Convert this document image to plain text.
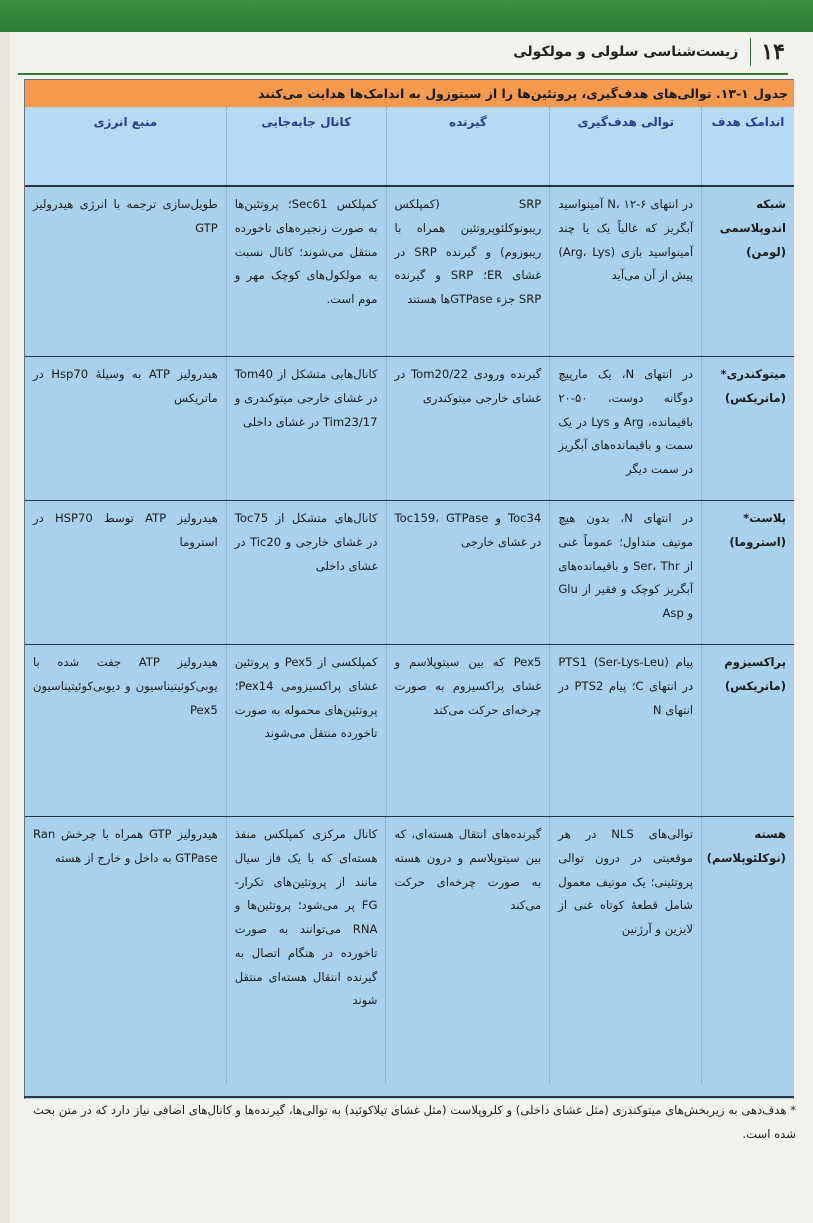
۱۴
زیست‌شناسی سلولی و مولکولی
جدول ۱-۱۳. توالی‌های هدف‌گیری، پروتئین‌ها را از سیتوزول به اندامک‌ها هدایت می‌کنند
اندامک هدف
توالی هدف‌گیری
گیرنده
کانال جابه‌جایی
منبع انرژی
شبکه اندوپلاسمی (لومن)
در انتهای N، ۱۲-۶ آمینواسید آبگریز که غالباً یک یا چند آمینواسید بازی (Arg، Lys) پیش از آن می‌آید
SRP (کمپلکس ریبونوکلئوپروتئین همراه با ریبوزوم) و گیرنده SRP در غشای ER؛ SRP و گیرنده SRP جزء GTPaseها هستند
کمپلکس Sec61؛ پروتئین‌ها به صورت زنجیره‌های تاخورده منتقل می‌شوند؛ کانال نسبت به مولکول‌های کوچک مهر و موم است.
طویل‌سازی ترجمه با انرژی هیدرولیز GTP
میتوکندری* (ماتریکس)
در انتهای N، یک مارپیچ دوگانه دوست، ۵۰-۲۰ باقیمانده، Arg و Lys در یک سمت و باقیمانده‌های آبگریز در سمت دیگر
گیرنده ورودی Tom20/22 در غشای خارجی میتوکندری
کانال‌هایی متشکل از Tom40 در غشای خارجی میتوکندری و Tim23/17 در غشای داخلی
هیدرولیز ATP به وسیلهٔ Hsp70 در ماتریکس
پلاست* (استروما)
در انتهای N، بدون هیچ موتیف متداول؛ عموماً غنی از Ser، Thr و باقیمانده‌های آبگریز کوچک و فقیر از Glu و Asp
Toc34 و Toc159، GTPase در غشای خارجی
کانال‌های متشکل از Toc75 در غشای خارجی و Tic20 در غشای داخلی
هیدرولیز ATP توسط HSP70 در استروما
پراکسیزوم (ماتریکس)
پیام PTS1 (Ser-Lys-Leu) در انتهای C؛ پیام PTS2 در انتهای N
Pex5 که بین سیتوپلاسم و غشای پراکسیزوم به صورت چرخه‌ای حرکت می‌کند
کمپلکسی از Pex5 و پروتئین غشای پراکسیزومی Pex14؛ پروتئین‌های محموله به صورت تاخورده منتقل می‌شوند
هیدرولیز ATP جفت شده با یوبی‌کوئیتیناسیون و دیوبی‌کوئیتیناسیون Pex5
هسته (نوکلئوپلاسم)
توالی‌های NLS در هر موقعیتی در درون توالی پروتئینی؛ یک موتیف معمول شامل قطعهٔ کوتاه غنی از لایزین و آرژنین
گیرنده‌های انتقال هسته‌ای، که بین سیتوپلاسم و درون هسته به صورت چرخه‌ای حرکت می‌کند
کانال مرکزی کمپلکس منفذ هسته‌ای که با یک فاز سیال مانند از پروتئین‌های تکرار- FG پر می‌شود؛ پروتئین‌ها و RNA می‌توانند به صورت تاخورده در هنگام اتصال به گیرنده انتقال هسته‌ای منتقل شوند
هیدرولیز GTP همراه با چرخش Ran GTPase به داخل و خارج از هسته
* هدف‌دهی به زیربخش‌های میتوکندری (مثل غشای داخلی) و کلروپلاست (مثل غشای تیلاکوئید) به توالی‌ها، گیرنده‌ها و کانال‌های اضافی نیاز دارد که در متن بحث شده است.
